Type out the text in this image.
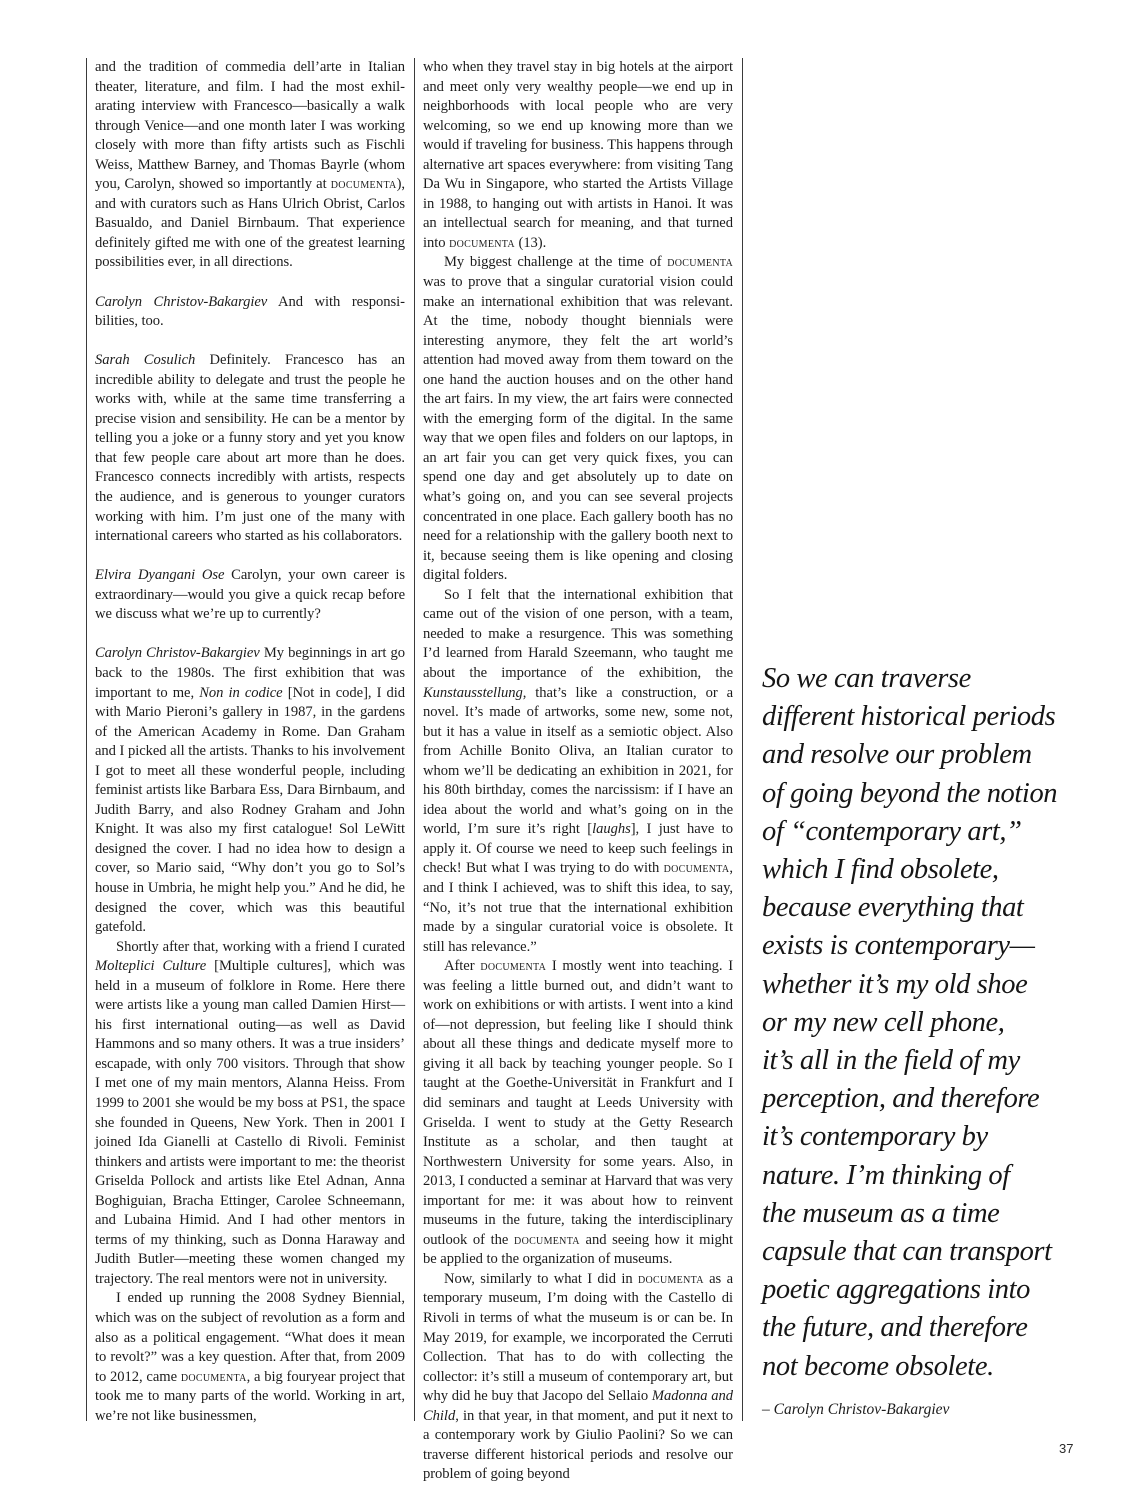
and the tradition of commedia dell’arte in Italian theater, literature, and film. I had the most exhilarating interview with Francesco—basically a walk through Venice—and one month later I was working closely with more than fifty artists such as Fischli Weiss, Matthew Barney, and Thomas Bayrle (whom you, Carolyn, showed so importantly at documenta), and with curators such as Hans Ulrich Obrist, Carlos Basualdo, and Daniel Birnbaum. That experience definitely gifted me with one of the greatest learning possibilities ever, in all directions.

Carolyn Christov-Bakargiev And with responsibilities, too.

Sarah Cosulich Definitely. Francesco has an incredible ability to delegate and trust the people he works with, while at the same time transferring a precise vision and sensibility. He can be a mentor by telling you a joke or a funny story and yet you know that few people care about art more than he does. Francesco connects incredibly with artists, respects the audience, and is generous to younger curators working with him. I’m just one of the many with international careers who started as his collaborators.

Elvira Dyangani Ose Carolyn, your own career is extraordinary—would you give a quick recap before we discuss what we’re up to currently?

Carolyn Christov-Bakargiev My beginnings in art go back to the 1980s. The first exhibition that was important to me, Non in codice [Not in code], I did with Mario Pieroni’s gallery in 1987, in the gardens of the American Academy in Rome. Dan Graham and I picked all the artists. Thanks to his involvement I got to meet all these wonderful people, including feminist artists like Barbara Ess, Dara Birnbaum, and Judith Barry, and also Rodney Graham and John Knight. It was also my first catalogue! Sol LeWitt designed the cover. I had no idea how to design a cover, so Mario said, “Why don’t you go to Sol’s house in Umbria, he might help you.” And he did, he designed the cover, which was this beautiful gatefold.

Shortly after that, working with a friend I curated Molteplici Culture [Multiple cultures], which was held in a museum of folklore in Rome. Here there were artists like a young man called Damien Hirst—his first international outing—as well as David Hammons and so many others. It was a true insiders’ escapade, with only 700 visitors. Through that show I met one of my main mentors, Alanna Heiss. From 1999 to 2001 she would be my boss at PS1, the space she founded in Queens, New York. Then in 2001 I joined Ida Gianelli at Castello di Rivoli. Feminist thinkers and artists were important to me: the theorist Griselda Pollock and artists like Etel Adnan, Anna Boghiguian, Bracha Ettinger, Carolee Schneemann, and Lubaina Himid. And I had other mentors in terms of my thinking, such as Donna Haraway and Judith Butler—meeting these women changed my trajectory. The real mentors were not in university.

I ended up running the 2008 Sydney Biennial, which was on the subject of revolution as a form and also as a political engagement. “What does it mean to revolt?” was a key question. After that, from 2009 to 2012, came documenta, a big fouryear project that took me to many parts of the world. Working in art, we’re not like businessmen,

who when they travel stay in big hotels at the airport and meet only very wealthy people—we end up in neighborhoods with local people who are very welcoming, so we end up knowing more than we would if traveling for business. This happens through alternative art spaces everywhere: from visiting Tang Da Wu in Singapore, who started the Artists Village in 1988, to hanging out with artists in Hanoi. It was an intellectual search for meaning, and that turned into documenta (13).

My biggest challenge at the time of documenta was to prove that a singular curatorial vision could make an international exhibition that was relevant. At the time, nobody thought biennials were interesting anymore, they felt the art world’s attention had moved away from them toward on the one hand the auction houses and on the other hand the art fairs. In my view, the art fairs were connected with the emerging form of the digital. In the same way that we open files and folders on our laptops, in an art fair you can get very quick fixes, you can spend one day and get absolutely up to date on what’s going on, and you can see several projects concentrated in one place. Each gallery booth has no need for a relationship with the gallery booth next to it, because seeing them is like opening and closing digital folders.

So I felt that the international exhibition that came out of the vision of one person, with a team, needed to make a resurgence. This was something I’d learned from Harald Szeemann, who taught me about the importance of the exhibition, the Kunstausstellung, that’s like a construction, or a novel. It’s made of artworks, some new, some not, but it has a value in itself as a semiotic object. Also from Achille Bonito Oliva, an Italian curator to whom we’ll be dedicating an exhibition in 2021, for his 80th birthday, comes the narcissism: if I have an idea about the world and what’s going on in the world, I’m sure it’s right [laughs], I just have to apply it. Of course we need to keep such feelings in check! But what I was trying to do with documenta, and I think I achieved, was to shift this idea, to say, “No, it’s not true that the international exhibition made by a singular curatorial voice is obsolete. It still has relevance.”

After documenta I mostly went into teaching. I was feeling a little burned out, and didn’t want to work on exhibitions or with artists. I went into a kind of—not depression, but feeling like I should think about all these things and dedicate myself more to giving it all back by teaching younger people. So I taught at the Goethe-Universität in Frankfurt and I did seminars and taught at Leeds University with Griselda. I went to study at the Getty Research Institute as a scholar, and then taught at Northwestern University for some years. Also, in 2013, I conducted a seminar at Harvard that was very important for me: it was about how to reinvent museums in the future, taking the interdisciplinary outlook of the documenta and seeing how it might be applied to the organization of museums.

Now, similarly to what I did in documenta as a temporary museum, I’m doing with the Castello di Rivoli in terms of what the museum is or can be. In May 2019, for example, we incorporated the Cerruti Collection. That has to do with collecting the collector: it’s still a museum of contemporary art, but why did he buy that Jacopo del Sellaio Madonna and Child, in that year, in that moment, and put it next to a contemporary work by Giulio Paolini? So we can traverse different historical periods and resolve our problem of going beyond

So we can traverse
different historical periods
and resolve our problem
of going beyond the notion
of “contemporary art,”
which I find obsolete,
because everything that
exists is contemporary—
whether it’s my old shoe
or my new cell phone,
it’s all in the field of my
perception, and therefore
it’s contemporary by
nature. I’m thinking of
the museum as a time
capsule that can transport
poetic aggregations into
the future, and therefore
not become obsolete.
– Carolyn Christov-Bakargiev
37
